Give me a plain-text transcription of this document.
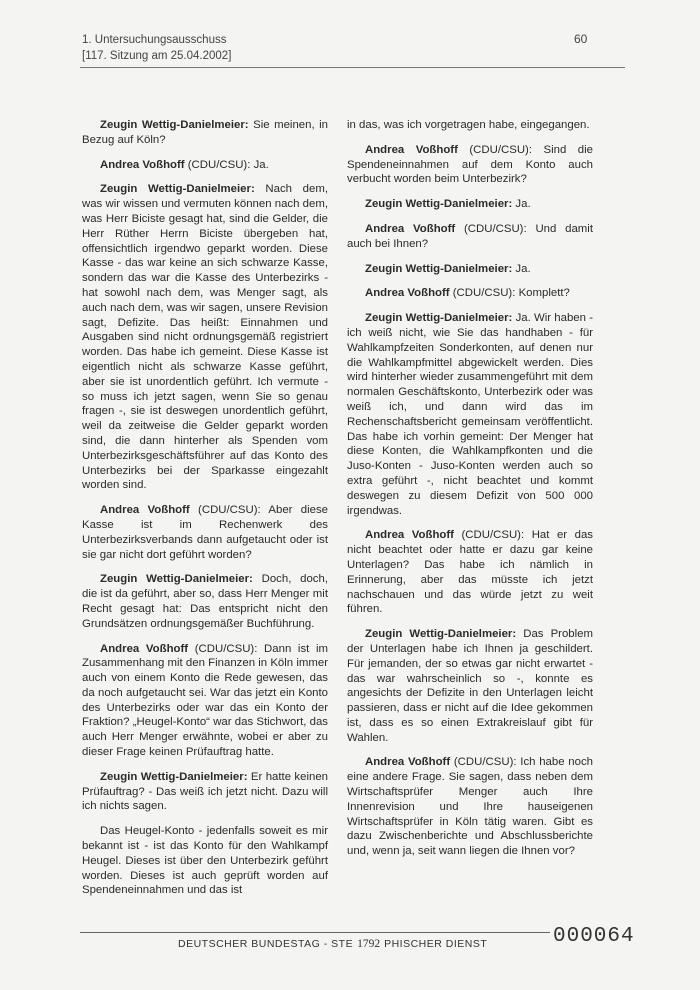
1. Untersuchungsausschuss
[117. Sitzung am 25.04.2002]
60

Zeugin Wettig-Danielmeier: Sie meinen, in Bezug auf Köln?

Andrea Voßhoff (CDU/CSU): Ja.

Zeugin Wettig-Danielmeier: Nach dem, was wir wissen und vermuten können nach dem, was Herr Biciste gesagt hat, sind die Gelder, die Herr Rüther Herrn Biciste übergeben hat, offensichtlich irgendwo geparkt worden. Diese Kasse - das war keine an sich schwarze Kasse, sondern das war die Kasse des Unterbezirks - hat sowohl nach dem, was Menger sagt, als auch nach dem, was wir sagen, unsere Revision sagt, Defizite. Das heißt: Einnahmen und Ausgaben sind nicht ordnungsgemäß registriert worden. Das habe ich gemeint. Diese Kasse ist eigentlich nicht als schwarze Kasse geführt, aber sie ist unordentlich geführt. Ich vermute - so muss ich jetzt sagen, wenn Sie so genau fragen -, sie ist deswegen unordentlich geführt, weil da zeitweise die Gelder geparkt worden sind, die dann hinterher als Spenden vom Unterbezirksgeschäftsführer auf das Konto des Unterbezirks bei der Sparkasse eingezahlt worden sind.

Andrea Voßhoff (CDU/CSU): Aber diese Kasse ist im Rechenwerk des Unterbezirksverbands dann aufgetaucht oder ist sie gar nicht dort geführt worden?

Zeugin Wettig-Danielmeier: Doch, doch, die ist da geführt, aber so, dass Herr Menger mit Recht gesagt hat: Das entspricht nicht den Grundsätzen ordnungsgemäßer Buchführung.

Andrea Voßhoff (CDU/CSU): Dann ist im Zusammenhang mit den Finanzen in Köln immer auch von einem Konto die Rede gewesen, das da noch aufgetaucht sei. War das jetzt ein Konto des Unterbezirks oder war das ein Konto der Fraktion? „Heugel-Konto“ war das Stichwort, das auch Herr Menger erwähnte, wobei er aber zu dieser Frage keinen Prüfauftrag hatte.

Zeugin Wettig-Danielmeier: Er hatte keinen Prüfauftrag? - Das weiß ich jetzt nicht. Dazu will ich nichts sagen.

Das Heugel-Konto - jedenfalls soweit es mir bekannt ist - ist das Konto für den Wahlkampf Heugel. Dieses ist über den Unterbezirk geführt worden. Dieses ist auch geprüft worden auf Spendeneinnahmen und das ist

in das, was ich vorgetragen habe, eingegangen.

Andrea Voßhoff (CDU/CSU): Sind die Spendeneinnahmen auf dem Konto auch verbucht worden beim Unterbezirk?

Zeugin Wettig-Danielmeier: Ja.

Andrea Voßhoff (CDU/CSU): Und damit auch bei Ihnen?

Zeugin Wettig-Danielmeier: Ja.

Andrea Voßhoff (CDU/CSU): Komplett?

Zeugin Wettig-Danielmeier: Ja. Wir haben - ich weiß nicht, wie Sie das handhaben - für Wahlkampfzeiten Sonderkonten, auf denen nur die Wahlkampfmittel abgewickelt werden. Dies wird hinterher wieder zusammengeführt mit dem normalen Geschäftskonto, Unterbezirk oder was weiß ich, und dann wird das im Rechenschaftsbericht gemeinsam veröffentlicht. Das habe ich vorhin gemeint: Der Menger hat diese Konten, die Wahlkampfkonten und die Juso-Konten - Juso-Konten werden auch so extra geführt -, nicht beachtet und kommt deswegen zu diesem Defizit von 500 000 irgendwas.

Andrea Voßhoff (CDU/CSU): Hat er das nicht beachtet oder hatte er dazu gar keine Unterlagen? Das habe ich nämlich in Erinnerung, aber das müsste ich jetzt nachschauen und das würde jetzt zu weit führen.

Zeugin Wettig-Danielmeier: Das Problem der Unterlagen habe ich Ihnen ja geschildert. Für jemanden, der so etwas gar nicht erwartet - das war wahrscheinlich so -, konnte es angesichts der Defizite in den Unterlagen leicht passieren, dass er nicht auf die Idee gekommen ist, dass es so einen Extrakreislauf gibt für Wahlen.

Andrea Voßhoff (CDU/CSU): Ich habe noch eine andere Frage. Sie sagen, dass neben dem Wirtschaftsprüfer Menger auch Ihre Innenrevision und Ihre hauseigenen Wirtschaftsprüfer in Köln tätig waren. Gibt es dazu Zwischenberichte und Abschlussberichte und, wenn ja, seit wann liegen die Ihnen vor?

DEUTSCHER BUNDESTAG - STE 1792 PHISCHER DIENST	000064
